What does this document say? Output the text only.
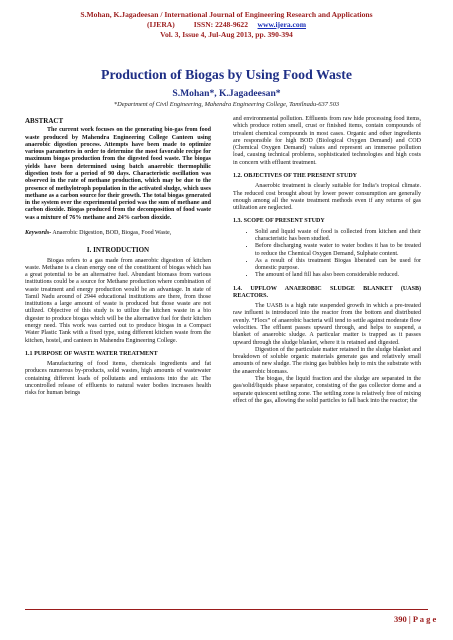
S.Mohan, K.Jagadeesan / International Journal of Engineering Research and Applications
(IJERA)          ISSN: 2248-9622     www.ijera.com
Vol. 3, Issue 4, Jul-Aug 2013, pp. 390-394
Production of Biogas by Using Food Waste
S.Mohan*, K.Jagadeesan*
*Department of Civil Engineering, Mahendra Engineering College, Tamilnadu-637 503

ABSTRACT

The current work focuses on the generating bio-gas from food waste produced by Mahendra Engineering College Canteen using anaerobic digestion process. Attempts have been made to optimize various parameters in order to determine the most favorable recipe for maximum biogas production from the digested food waste. The biogas yields have been determined using batch anaerobic thermophilic digestion tests for a period of 90 days. Characteristic oscillation was observed in the rate of methane production, which may be due to the presence of methylotroph population in the activated sludge, which uses methane as a carbon source for their growth. The total biogas generated in the system over the experimental period was the sum of methane and carbon dioxide. Biogas produced from the decomposition of food waste was a mixture of 76% methane and 24% carbon dioxide.

Keywords- Anaerobic Digestion, BOD, Biogas, Food Waste,

I. INTRODUCTION

Biogas refers to a gas made from anaerobic digestion of kitchen waste. Methane is a clean energy one of the constituent of biogas which has a great potential to be an alternative fuel. Abundant biomass from various institutions could be a source for Methane production where combination of waste treatment and energy production would be an advantage. In state of Tamil Nadu around of 2944 educational institutions are there, from those institutions a large amount of waste is produced but those waste are not utilized. Objective of this study is to utilize the kitchen waste in a bio digester to produce biogas which will be the alternative fuel for their kitchen energy need. This work was carried out to produce biogas in a Compact Water Plastic Tank with a fixed type, using different kitchen waste from the kitchen, hostel, and canteen in Mahendra Engineering College.

1.1 PURPOSE OF WASTE WATER TREATMENT

Manufacturing of food items, chemicals ingredients and fat produces numerous by-products, solid wastes, high amounts of wastewater containing different loads of pollutants and emissions into the air. The uncontrolled release of effluents to natural water bodies increases health risks for human beings

and environmental pollution. Effluents from raw hide processing food items, which produce rotten smell, crust or finished items, contain compounds of trivalent chemical compounds in most cases. Organic and other ingredients are responsible for high BOD (Biological Oxygen Demand) and COD (Chemical Oxygen Demand) values and represent an immense pollution load, causing technical problems, sophisticated technologies and high costs in concern with effluent treatment.

1.2. OBJECTIVES OF THE PRESENT STUDY

Anaerobic treatment is clearly suitable for India’s tropical climate. The reduced cost brought about by lower power consumption are generally enough among all the waste treatment methods even if any returns of gas utilization are neglected.

1.3. SCOPE OF PRESENT STUDY

• Solid and liquid waste of food is collected from kitchen and their characteristic has been studied.
• Before discharging waste water to water bodies it has to be treated to reduce the Chemical Oxygen Demand, Sulphate content.
• As a result of this treatment Biogas liberated can be used for domestic purpose.
• The amount of land fill has also been considerable reduced.

1.4. UPFLOW ANAEROBIC SLUDGE BLANKET (UASB) REACTORS.

The UASB is a high rate suspended growth in which a pre-treated raw influent is introduced into the reactor from the bottom and distributed evenly. “Flocs” of anaerobic bacteria will tend to settle against moderate flow velocities. The effluent passes upward through, and helps to suspend, a blanket of anaerobic sludge. A particular matter is trapped as it passes upward through the sludge blanket, where it is retained and digested.

Digestion of the particulate matter retained in the sludge blanket and breakdown of soluble organic materials generate gas and relatively small amounts of new sludge. The rising gas bubbles help to mix the substrate with the anaerobic biomass.

The biogas, the liquid fraction and the sludge are separated in the gas/solid/liquids phase separator, consisting of the gas collector dome and a separate quiescent settling zone. The settling zone is relatively free of mixing effect of the gas, allowing the solid particles to fall back into the reactor; the

390 | P a g e
